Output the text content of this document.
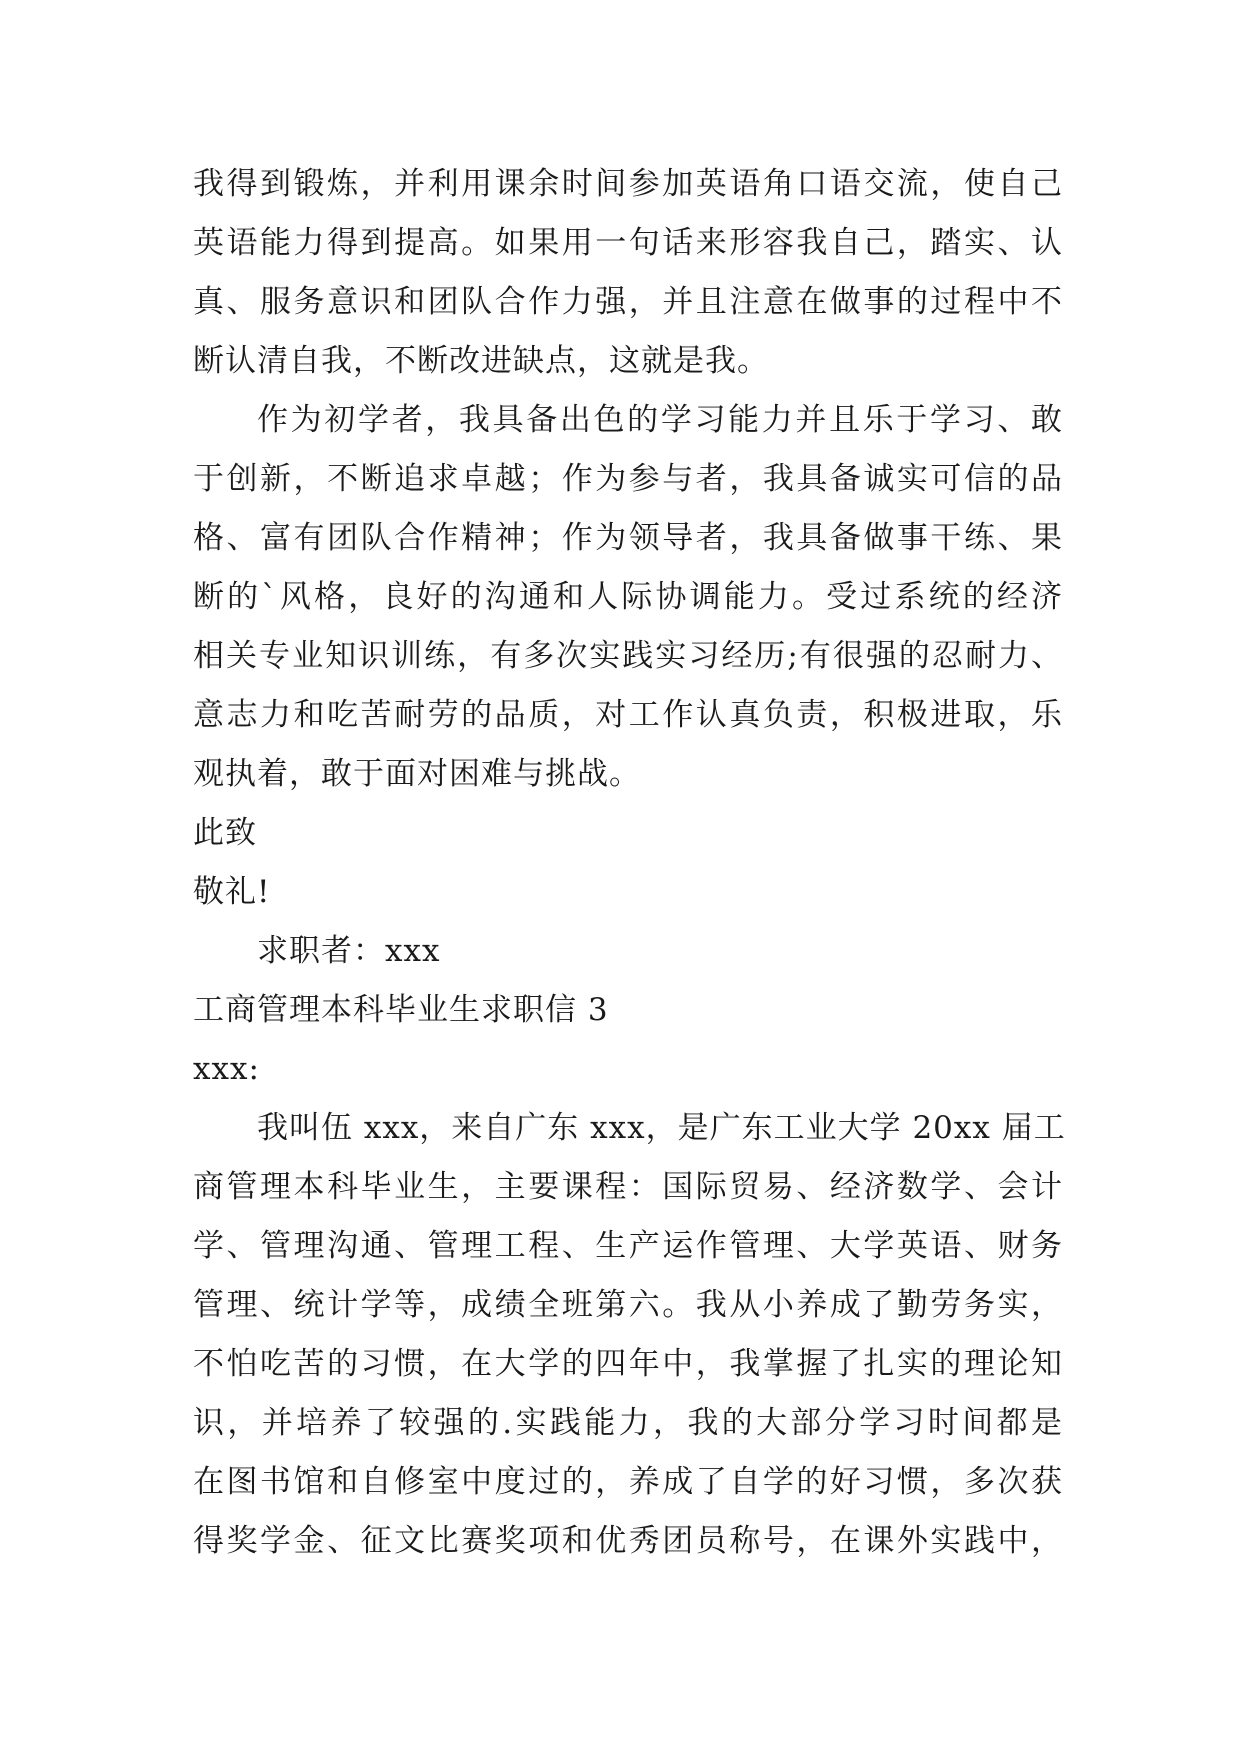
我得到锻炼，并利用课余时间参加英语角口语交流，使自己
英语能力得到提高。如果用一句话来形容我自己，踏实、认
真、服务意识和团队合作力强，并且注意在做事的过程中不
断认清自我，不断改进缺点，这就是我。
作为初学者，我具备出色的学习能力并且乐于学习、敢
于创新，不断追求卓越；作为参与者，我具备诚实可信的品
格、富有团队合作精神；作为领导者，我具备做事干练、果
断的`风格，良好的沟通和人际协调能力。受过系统的经济
相关专业知识训练，有多次实践实习经历;有很强的忍耐力、
意志力和吃苦耐劳的品质，对工作认真负责，积极进取，乐
观执着，敢于面对困难与挑战。
此致
敬礼!
求职者：xxx
工商管理本科毕业生求职信 3
xxx:
我叫伍 xxx，来自广东 xxx，是广东工业大学 20xx 届工
商管理本科毕业生，主要课程：国际贸易、经济数学、会计
学、管理沟通、管理工程、生产运作管理、大学英语、财务
管理、统计学等，成绩全班第六。我从小养成了勤劳务实，
不怕吃苦的习惯，在大学的四年中，我掌握了扎实的理论知
识，并培养了较强的.实践能力，我的大部分学习时间都是
在图书馆和自修室中度过的，养成了自学的好习惯，多次获
得奖学金、征文比赛奖项和优秀团员称号，在课外实践中，
